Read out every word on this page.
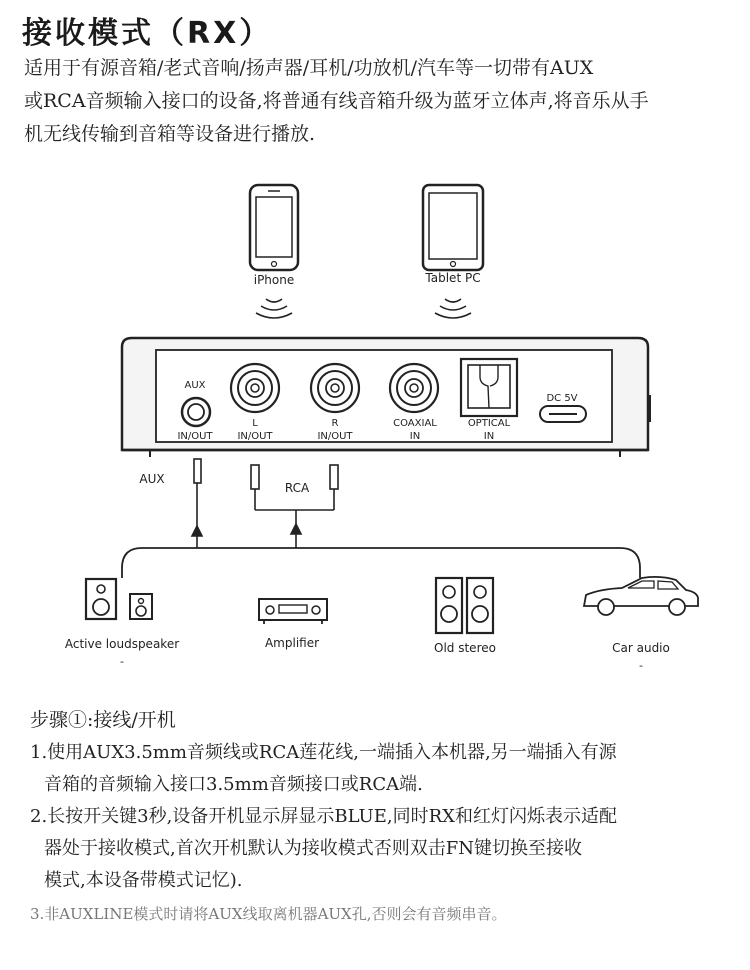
接收模式（RX）

适用于有源音箱/老式音响/扬声器/耳机/功放机/汽车等一切带有AUX

或RCA音频输入接口的设备,将普通有线音箱升级为蓝牙立体声,将音乐从手

机无线传输到音箱等设备进行播放.

iPhone	Tablet PC
AUX
IN/OUT
L
IN/OUT
R
IN/OUT
COAXIAL
IN
OPTICAL
IN
DC 5V
AUX
RCA
Active loudspeaker
-
Amplifier	Old stereo	Car audio
-

步骤①:接线/开机

1.使用AUX3.5mm音频线或RCA莲花线,一端插入本机器,另一端插入有源

音箱的音频输入接口3.5mm音频接口或RCA端.

2.长按开关键3秒,设备开机显示屏显示BLUE,同时RX和红灯闪烁表示适配

器处于接收模式,首次开机默认为接收模式否则双击FN键切换至接收

模式,本设备带模式记忆).

3.非AUXLINE模式时请将AUX线取离机器AUX孔,否则会有音频串音。
